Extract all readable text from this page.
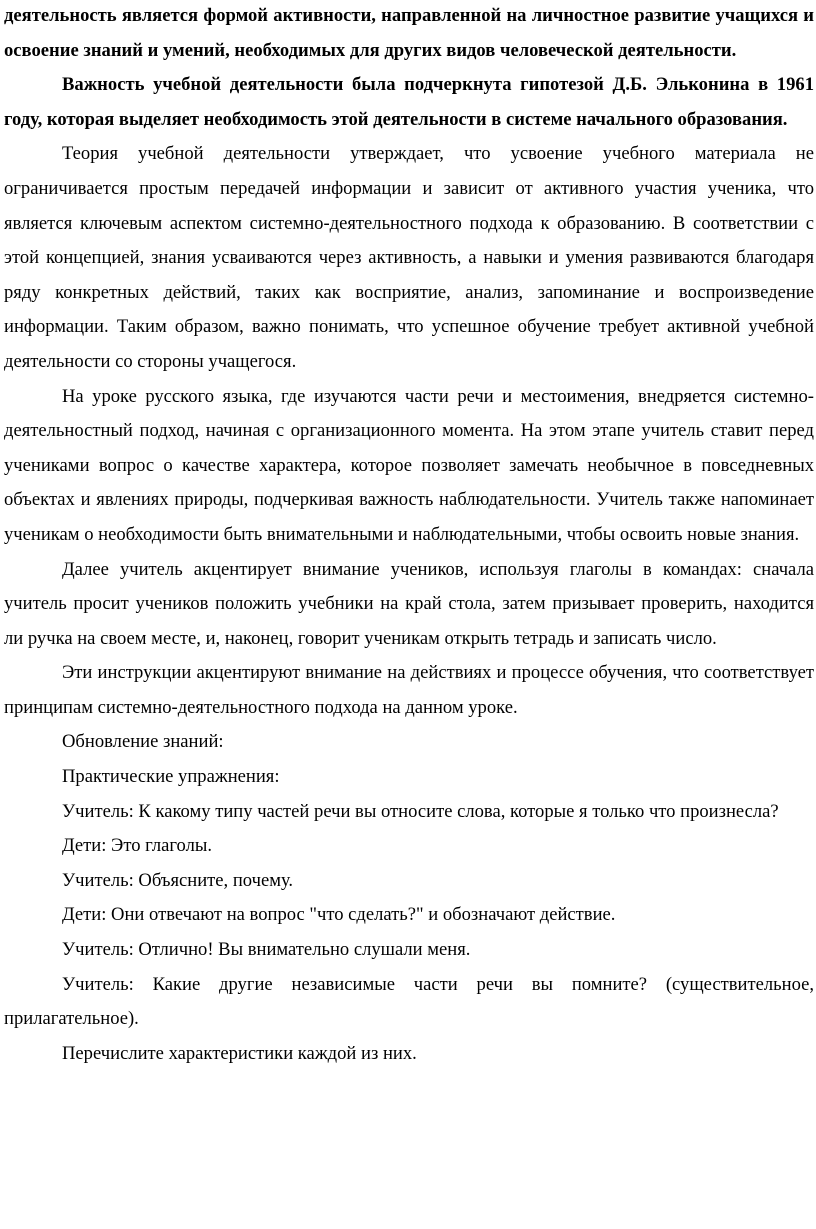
деятельность является формой активности, направленной на личностное развитие учащихся и освоение знаний и умений, необходимых для других видов человеческой деятельности.

Важность учебной деятельности была подчеркнута гипотезой Д.Б. Эльконина в 1961 году, которая выделяет необходимость этой деятельности в системе начального образования.

Теория учебной деятельности утверждает, что усвоение учебного материала не ограничивается простым передачей информации и зависит от активного участия ученика, что является ключевым аспектом системно-деятельностного подхода к образованию. В соответствии с этой концепцией, знания усваиваются через активность, а навыки и умения развиваются благодаря ряду конкретных действий, таких как восприятие, анализ, запоминание и воспроизведение информации. Таким образом, важно понимать, что успешное обучение требует активной учебной деятельности со стороны учащегося.

На уроке русского языка, где изучаются части речи и местоимения, внедряется системно-деятельностный подход, начиная с организационного момента. На этом этапе учитель ставит перед учениками вопрос о качестве характера, которое позволяет замечать необычное в повседневных объектах и явлениях природы, подчеркивая важность наблюдательности. Учитель также напоминает ученикам о необходимости быть внимательными и наблюдательными, чтобы освоить новые знания.

Далее учитель акцентирует внимание учеников, используя глаголы в командах: сначала учитель просит учеников положить учебники на край стола, затем призывает проверить, находится ли ручка на своем месте, и, наконец, говорит ученикам открыть тетрадь и записать число.

Эти инструкции акцентируют внимание на действиях и процессе обучения, что соответствует принципам системно-деятельностного подхода на данном уроке.

Обновление знаний:

Практические упражнения:

Учитель: К какому типу частей речи вы относите слова, которые я только что произнесла?

Дети: Это глаголы.

Учитель: Объясните, почему.

Дети: Они отвечают на вопрос "что сделать?" и обозначают действие.

Учитель: Отлично! Вы внимательно слушали меня.

Учитель: Какие другие независимые части речи вы помните? (существительное, прилагательное).

Перечислите характеристики каждой из них.
